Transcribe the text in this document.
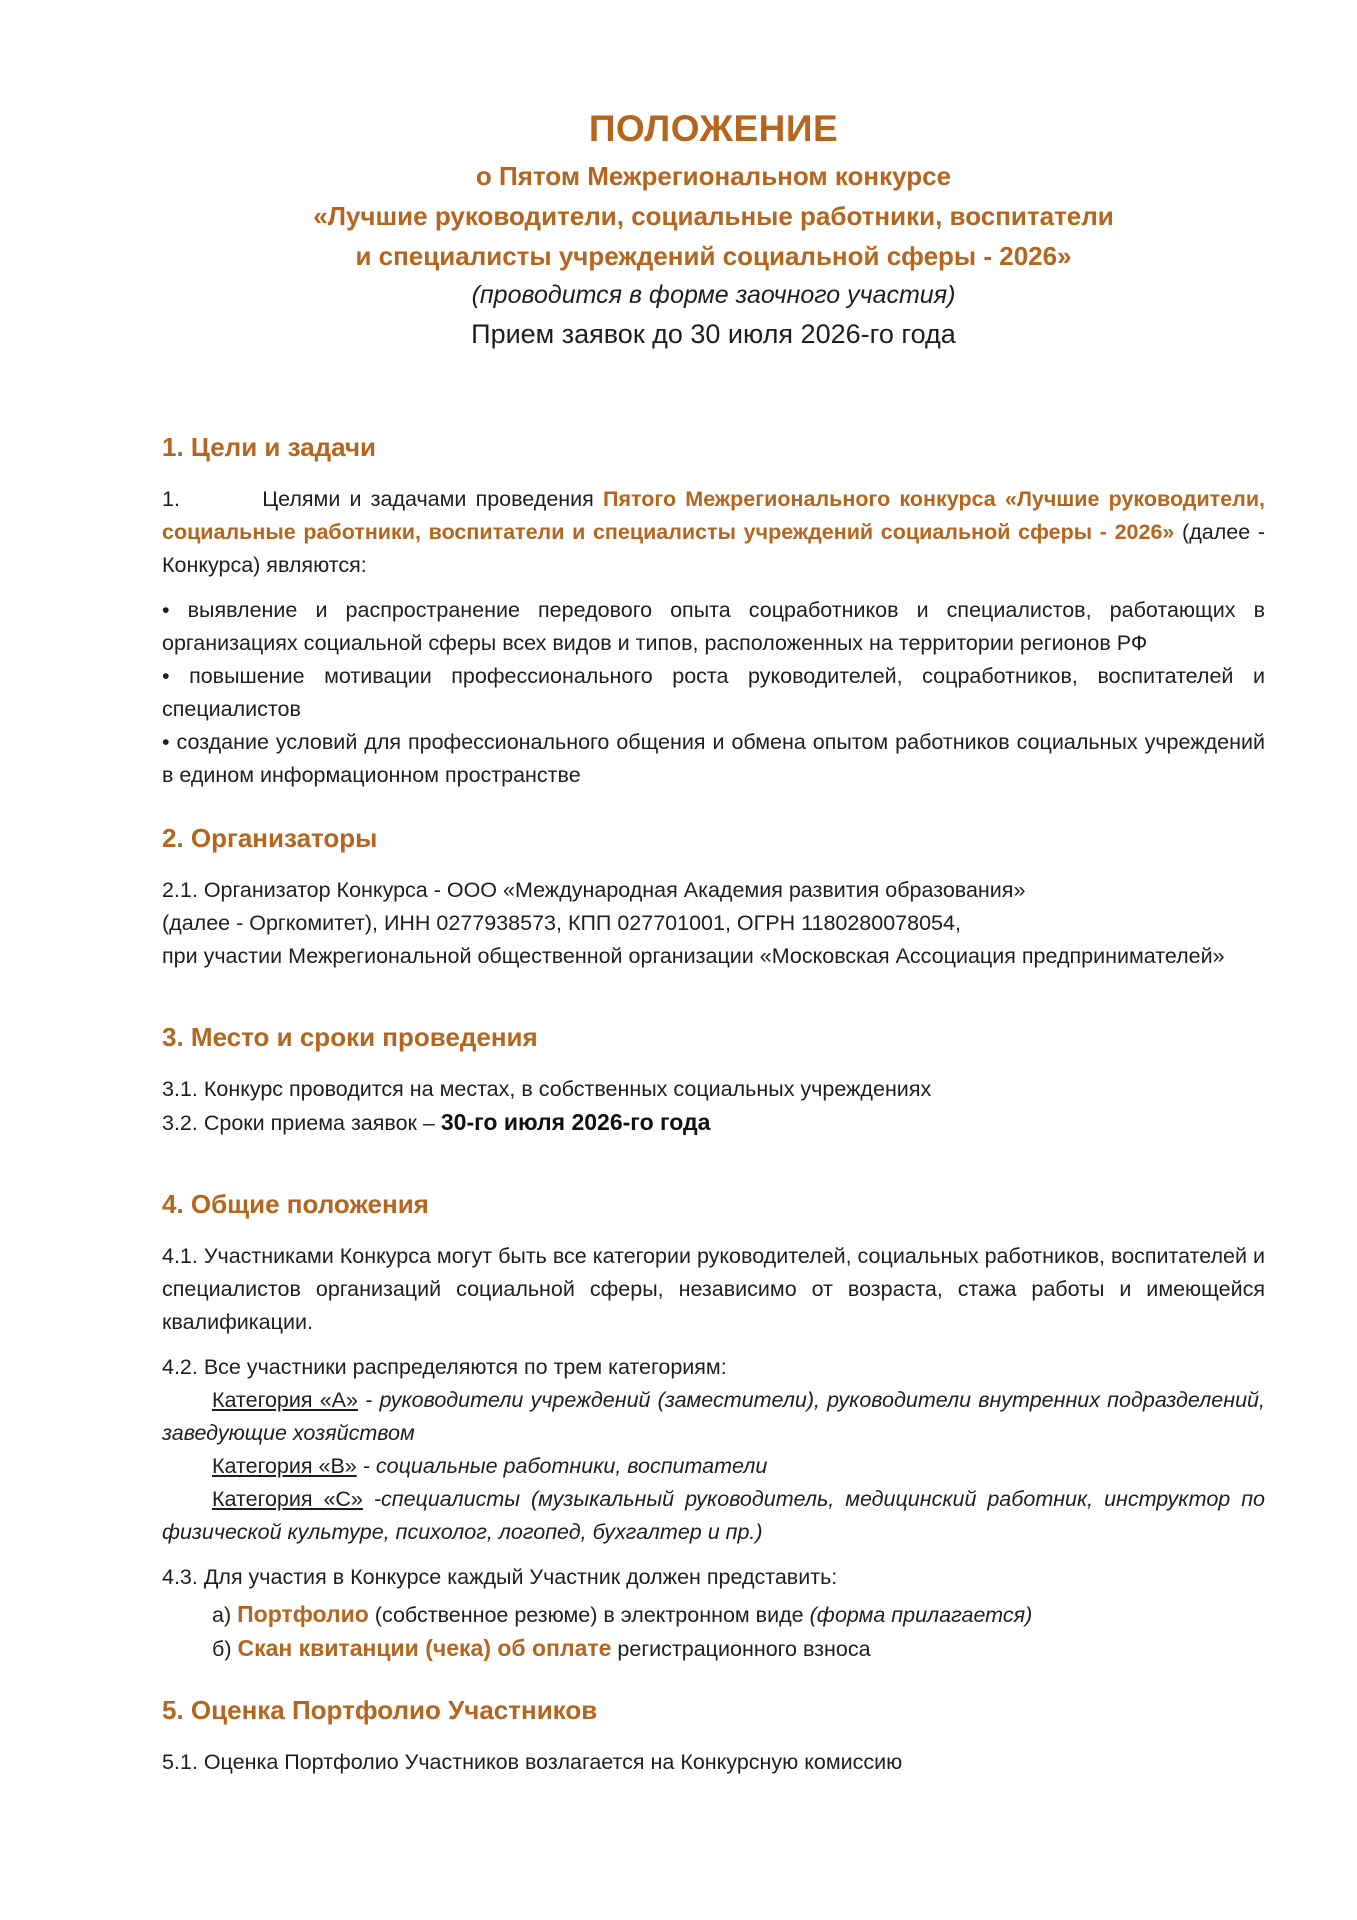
ПОЛОЖЕНИЕ
о Пятом Межрегиональном конкурсе
«Лучшие руководители, социальные работники, воспитатели
и специалисты учреждений социальной сферы - 2026»
(проводится в форме заочного участия)
Прием заявок до 30 июля 2026-го года
1. Цели и задачи

1.	Целями и задачами проведения Пятого Межрегионального конкурса «Лучшие руководители, социальные работники, воспитатели и специалисты учреждений социальной сферы - 2026» (далее - Конкурса) являются:

• выявление и распространение передового опыта соцработников и специалистов, работающих в организациях социальной сферы всех видов и типов, расположенных на территории регионов РФ

• повышение мотивации профессионального роста руководителей, соцработников, воспитателей и специалистов

• создание условий для профессионального общения и обмена опытом работников социальных учреждений в едином информационном пространстве

2. Организаторы
2.1. Организатор Конкурса - ООО «Международная Академия развития образования»
(далее - Оргкомитет), ИНН 0277938573, КПП 027701001, ОГРН 1180280078054,

при участии Межрегиональной общественной организации «Московская Ассоциация предпринимателей»

3. Место и сроки проведения
3.1. Конкурс проводится на местах, в собственных социальных учреждениях
3.2. Сроки приема заявок – 30-го июля 2026-го года
4. Общие положения

4.1. Участниками Конкурса могут быть все категории руководителей, социальных работников, воспитателей и специалистов организаций социальной сферы, независимо от возраста, стажа работы и имеющейся квалификации.

4.2. Все участники распределяются по трем категориям:

Категория «А» - руководители учреждений (заместители), руководители внутренних подразделений, заведующие хозяйством

Категория «В» - социальные работники, воспитатели

Категория «С» -специалисты (музыкальный руководитель, медицинский работник, инструктор по физической культуре, психолог, логопед, бухгалтер и пр.)

4.3. Для участия в Конкурсе каждый Участник должен представить:
а) Портфолио (собственное резюме) в электронном виде (форма прилагается)
б) Скан квитанции (чека) об оплате регистрационного взноса
5. Оценка Портфолио Участников
5.1. Оценка Портфолио Участников возлагается на Конкурсную комиссию
